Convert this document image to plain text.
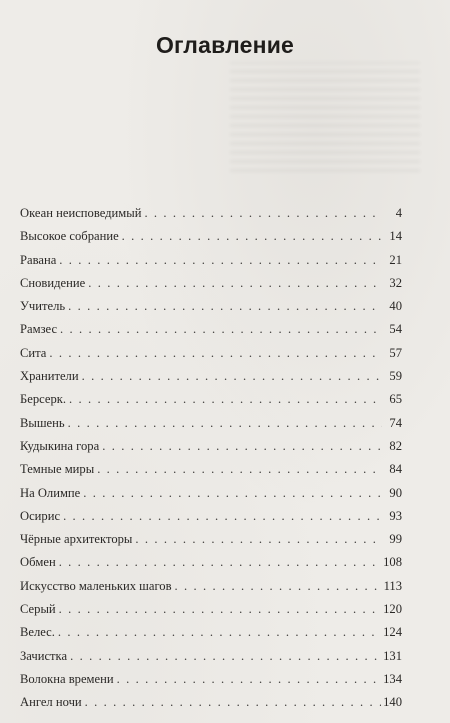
Оглавление
Океан неисповедимый . . .	4
Высокое собрание . . .	14
Равана . . .	21
Сновидение . . .	32
Учитель . . .	40
Рамзес . . .	54
Сита . . .	57
Хранители . . .	59
Берсерк. . . .	65
Вышень . . .	74
Кудыкина гора . . .	82
Темные миры . . .	84
На Олимпе . . .	90
Осирис . . .	93
Чёрные архитекторы . . .	99
Обмен . . .	108
Искусство маленьких шагов . . .	113
Серый . . .	120
Велес. . . .	124
Зачистка . . .	131
Волокна времени . . .	134
Ангел ночи . . .	140
